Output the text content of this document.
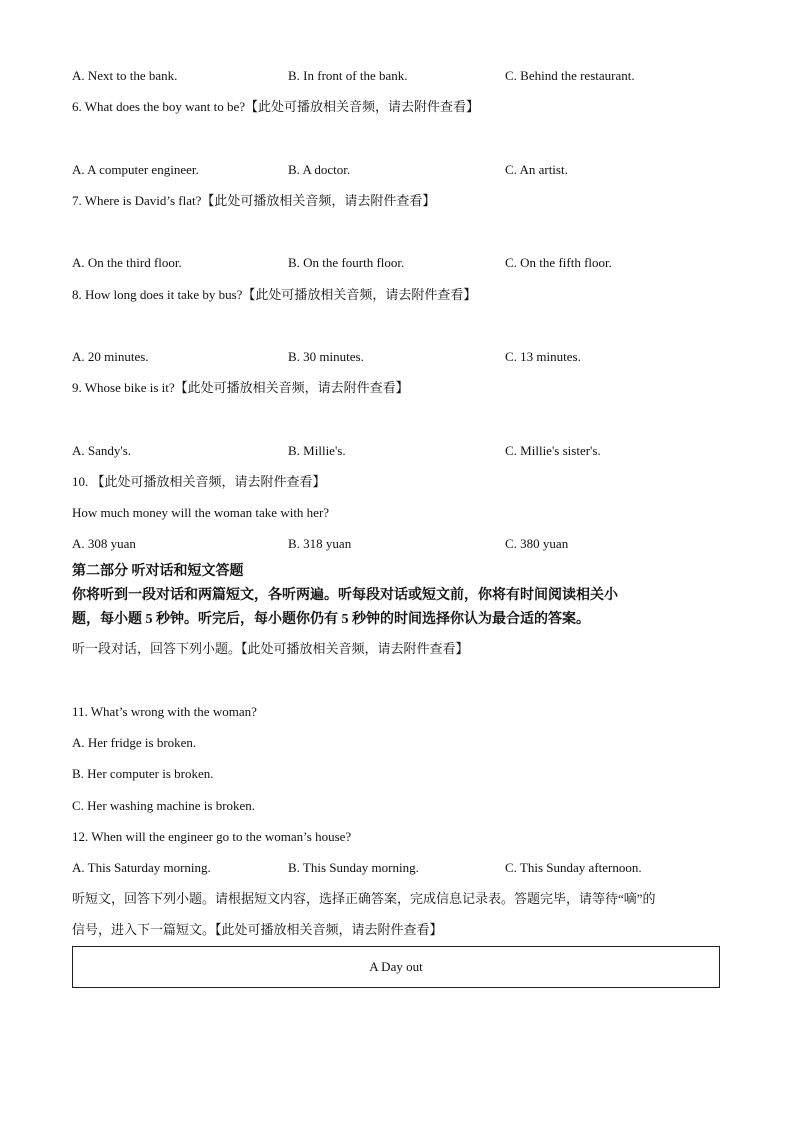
A. Next to the bank.	B. In front of the bank.	C. Behind the restaurant.
6. What does the boy want to be?【此处可播放相关音频，请去附件查看】
A. A computer engineer.	B. A doctor.	C. An artist.
7. Where is David’s flat?【此处可播放相关音频，请去附件查看】
A. On the third floor.	B. On the fourth floor.	C. On the fifth floor.
8. How long does it take by bus?【此处可播放相关音频，请去附件查看】
A. 20 minutes.	B. 30 minutes.	C. 13 minutes.
9. Whose bike is it?【此处可播放相关音频，请去附件查看】
A. Sandy's.	B. Millie's.	C. Millie's sister's.
10. 【此处可播放相关音频，请去附件查看】
How much money will the woman take with her?
A. 308 yuan	B. 318 yuan	C. 380 yuan
第二部分 听对话和短文答题
你将听到一段对话和两篇短文，各听两遍。听每段对话或短文前，你将有时间阅读相关小
题，每小题 5 秒钟。听完后，每小题你仍有 5 秒钟的时间选择你认为最合适的答案。
听一段对话，回答下列小题。【此处可播放相关音频，请去附件查看】
11. What’s wrong with the woman?
A. Her fridge is broken.
B. Her computer is broken.
C. Her washing machine is broken.
12. When will the engineer go to the woman’s house?
A. This Saturday morning.	B. This Sunday morning.	C. This Sunday afternoon.
听短文，回答下列小题。请根据短文内容，选择正确答案，完成信息记录表。答题完毕，请等待“嘀”的
信号，进入下一篇短文。【此处可播放相关音频，请去附件查看】
A Day out
